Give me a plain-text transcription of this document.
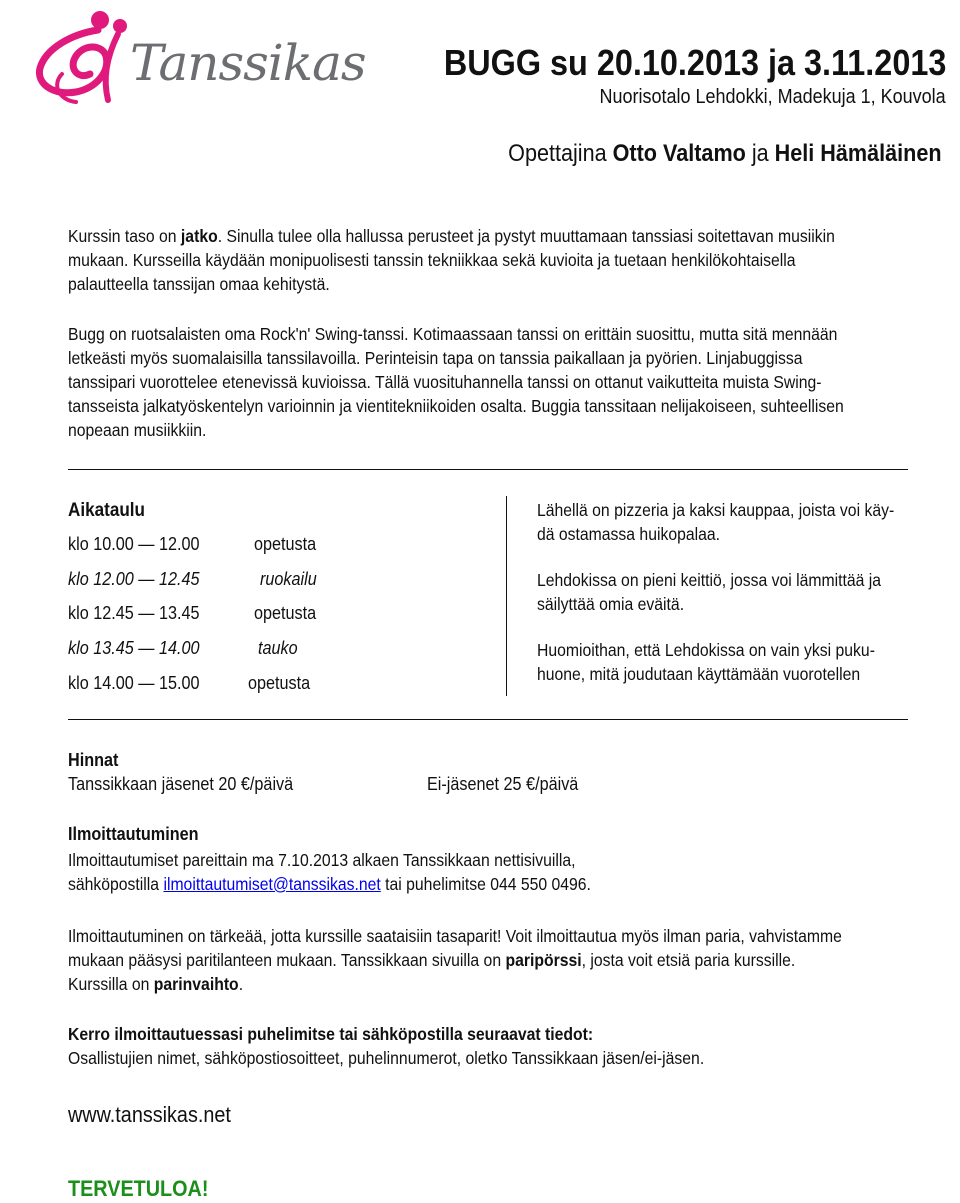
Tanssikas	BUGG su 20.10.2013 ja 3.11.2013
Nuorisotalo Lehdokki, Madekuja 1, Kouvola
Opettajina Otto Valtamo ja Heli Hämäläinen
Kurssin taso on jatko. Sinulla tulee olla hallussa perusteet ja pystyt muuttamaan tanssiasi soitettavan musiikin
mukaan. Kursseilla käydään monipuolisesti tanssin tekniikkaa sekä kuvioita ja tuetaan henkilökohtaisella
palautteella tanssijan omaa kehitystä.
Bugg on ruotsalaisten oma Rock'n' Swing-tanssi. Kotimaassaan tanssi on erittäin suosittu, mutta sitä mennään
letkeästi myös suomalaisilla tanssilavoilla. Perinteisin tapa on tanssia paikallaan ja pyörien. Linjabuggissa
tanssipari vuorottelee etenevissä kuvioissa. Tällä vuosituhannella tanssi on ottanut vaikutteita muista Swing-
tansseista jalkatyöskentelyn varioinnin ja vientitekniikoiden osalta. Buggia tanssitaan nelijakoiseen, suhteellisen
nopeaan musiikkiin.
Aikataulu
klo 10.00 — 12.00	opetusta
klo 12.00 — 12.45	ruokailu
klo 12.45 — 13.45	opetusta
klo 13.45 — 14.00	tauko
klo 14.00 — 15.00	opetusta
Lähellä on pizzeria ja kaksi kauppaa, joista voi käy-
dä ostamassa huikopalaa.
Lehdokissa on pieni keittiö, jossa voi lämmittää ja
säilyttää omia eväitä.
Huomioithan, että Lehdokissa on vain yksi puku-
huone, mitä joudutaan käyttämään vuorotellen
Hinnat
Tanssikkaan jäsenet 20 €/päivä	Ei-jäsenet 25 €/päivä
Ilmoittautuminen
Ilmoittautumiset pareittain ma 7.10.2013 alkaen Tanssikkaan nettisivuilla,
sähköpostilla ilmoittautumiset@tanssikas.net tai puhelimitse 044 550 0496.
Ilmoittautuminen on tärkeää, jotta kurssille saataisiin tasaparit! Voit ilmoittautua myös ilman paria, vahvistamme
mukaan pääsysi paritilanteen mukaan. Tanssikkaan sivuilla on paripörssi, josta voit etsiä paria kurssille.
Kurssilla on parinvaihto.
Kerro ilmoittautuessasi puhelimitse tai sähköpostilla seuraavat tiedot:
Osallistujien nimet, sähköpostiosoitteet, puhelinnumerot, oletko Tanssikkaan jäsen/ei-jäsen.
www.tanssikas.net
TERVETULOA!
